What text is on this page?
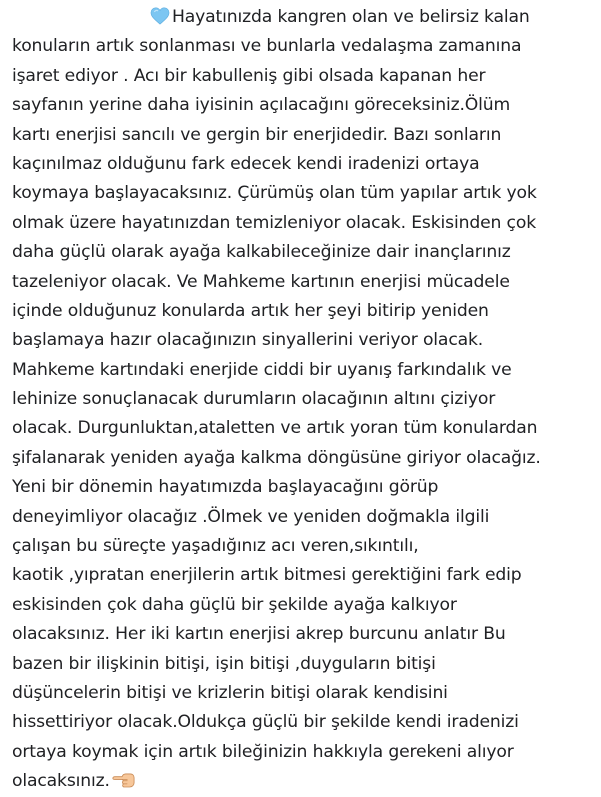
Hayatınızda kangren olan ve belirsiz kalan
konuların artık sonlanması ve bunlarla vedalaşma zamanına
işaret ediyor . Acı bir kabulleniş gibi olsada kapanan her
sayfanın yerine daha iyisinin açılacağını göreceksiniz.Ölüm
kartı enerjisi sancılı ve gergin bir enerjidedir. Bazı sonların
kaçınılmaz olduğunu fark edecek kendi iradenizi ortaya
koymaya başlayacaksınız. Çürümüş olan tüm yapılar artık yok
olmak üzere hayatınızdan temizleniyor olacak. Eskisinden çok
daha güçlü olarak ayağa kalkabileceğinize dair inançlarınız
tazeleniyor olacak. Ve Mahkeme kartının enerjisi mücadele
içinde olduğunuz konularda artık her şeyi bitirip yeniden
başlamaya hazır olacağınızın sinyallerini veriyor olacak.
Mahkeme kartındaki enerjide ciddi bir uyanış farkındalık ve
lehinize sonuçlanacak durumların olacağının altını çiziyor
olacak. Durgunluktan,ataletten ve artık yoran tüm konulardan
şifalanarak yeniden ayağa kalkma döngüsüne giriyor olacağız.
Yeni bir dönemin hayatımızda başlayacağını görüp
deneyimliyor olacağız .Ölmek ve yeniden doğmakla ilgili
çalışan bu süreçte yaşadığınız acı veren,sıkıntılı,
kaotik ,yıpratan enerjilerin artık bitmesi gerektiğini fark edip
eskisinden çok daha güçlü bir şekilde ayağa kalkıyor
olacaksınız. Her iki kartın enerjisi akrep burcunu anlatır Bu
bazen bir ilişkinin bitişi, işin bitişi ,duyguların bitişi
düşüncelerin bitişi ve krizlerin bitişi olarak kendisini
hissettiriyor olacak.Oldukça güçlü bir şekilde kendi iradenizi
ortaya koymak için artık bileğinizin hakkıyla gerekeni alıyor
olacaksınız.
